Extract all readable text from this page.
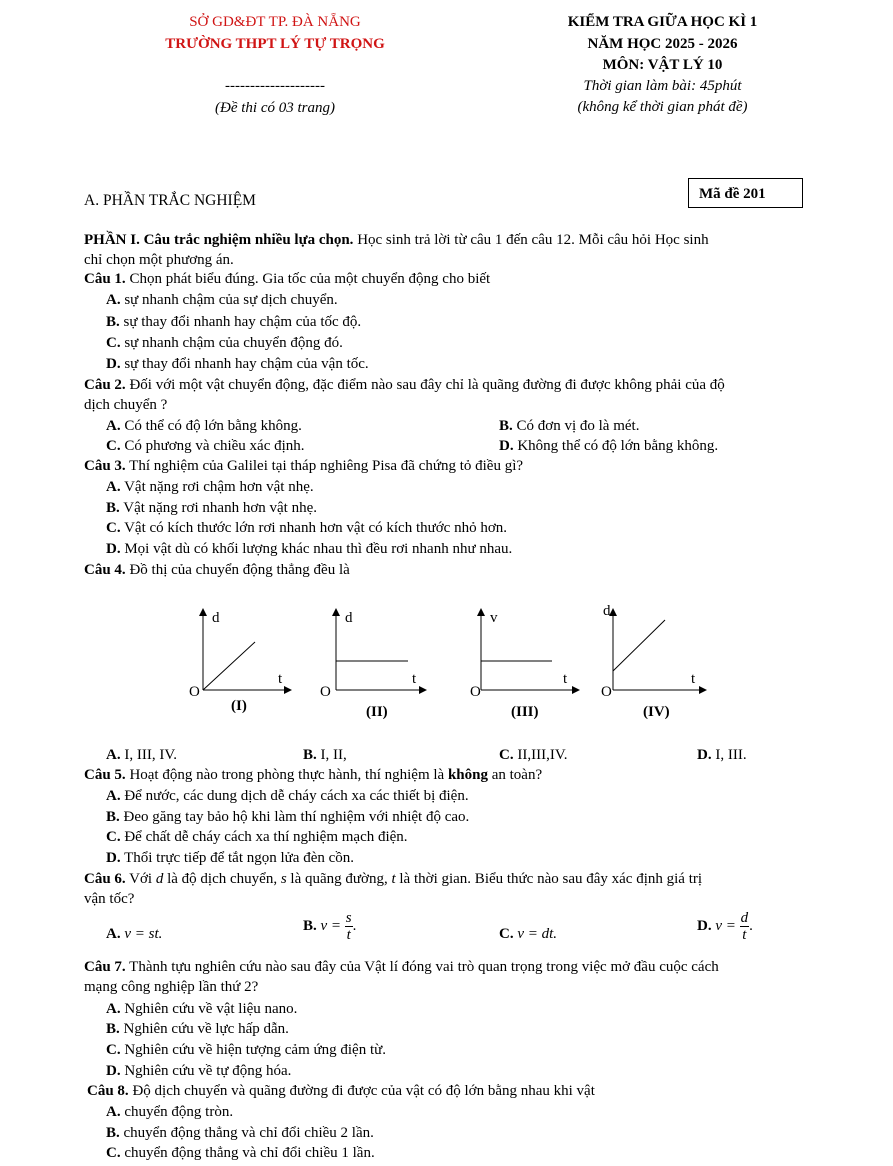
SỞ GD&ĐT TP. ĐÀ NẴNG
TRƯỜNG THPT LÝ TỰ TRỌNG
--------------------
(Đề thi có 03 trang)
KIỂM TRA GIỮA HỌC KÌ 1
NĂM HỌC 2025 - 2026
MÔN: VẬT LÝ 10
Thời gian làm bài: 45phút
(không kể thời gian phát đề)
A. PHẦN TRẮC NGHIỆM	Mã đề 201
PHẦN I. Câu trắc nghiệm nhiều lựa chọn. Học sinh trả lời từ câu 1 đến câu 12. Mỗi câu hỏi Học sinh
chỉ chọn một phương án.
Câu 1. Chọn phát biểu đúng. Gia tốc của một chuyển động cho biết
A. sự nhanh chậm của sự dịch chuyển.
B. sự thay đổi nhanh hay chậm của tốc độ.
C. sự nhanh chậm của chuyển động đó.
D. sự thay đổi nhanh hay chậm của vận tốc.
Câu 2. Đối với một vật chuyển động, đặc điểm nào sau đây chỉ là quãng đường đi được không phải của độ
dịch chuyển ?
A. Có thể có độ lớn bằng không.	B. Có đơn vị đo là mét.
C. Có phương và chiều xác định.	D. Không thể có độ lớn bằng không.
Câu 3. Thí nghiệm của Galilei tại tháp nghiêng Pisa đã chứng tỏ điều gì?
A. Vật nặng rơi chậm hơn vật nhẹ.
B. Vật nặng rơi nhanh hơn vật nhẹ.
C. Vật có kích thước lớn rơi nhanh hơn vật có kích thước nhỏ hơn.
D. Mọi vật dù có khối lượng khác nhau thì đều rơi nhanh như nhau.
Câu 4. Đồ thị của chuyển động thẳng đều là
d
t
O
(I)
d
t
O
(II)
v
t
O
(III)
d
t
O
(IV)
A. I, III, IV.	B. I, II,	C. II,III,IV.	D. I, III.
Câu 5. Hoạt động nào trong phòng thực hành, thí nghiệm là không an toàn?
A. Để nước, các dung dịch dễ cháy cách xa các thiết bị điện.
B. Đeo găng tay bảo hộ khi làm thí nghiệm với nhiệt độ cao.
C. Để chất dễ cháy cách xa thí nghiệm mạch điện.
D. Thổi trực tiếp để tắt ngọn lửa đèn cồn.
Câu 6. Với d là độ dịch chuyển, s là quãng đường, t là thời gian. Biểu thức nào sau đây xác định giá trị
vận tốc?
A. v = st.
B. $v = \frac{s}{t}$ .
C. v = dt.
D. $v = \frac{d}{t}$ .
Câu 7. Thành tựu nghiên cứu nào sau đây của Vật lí đóng vai trò quan trọng trong việc mở đầu cuộc cách
mạng công nghiệp lần thứ 2?
A. Nghiên cứu về vật liệu nano.
B. Nghiên cứu về lực hấp dẫn.
C. Nghiên cứu về hiện tượng cảm ứng điện từ.
D. Nghiên cứu về tự động hóa.
Câu 8. Độ dịch chuyển và quãng đường đi được của vật có độ lớn bằng nhau khi vật
A. chuyển động tròn.
B. chuyển động thẳng và chỉ đổi chiều 2 lần.
C. chuyển động thẳng và chỉ đổi chiều 1 lần.
